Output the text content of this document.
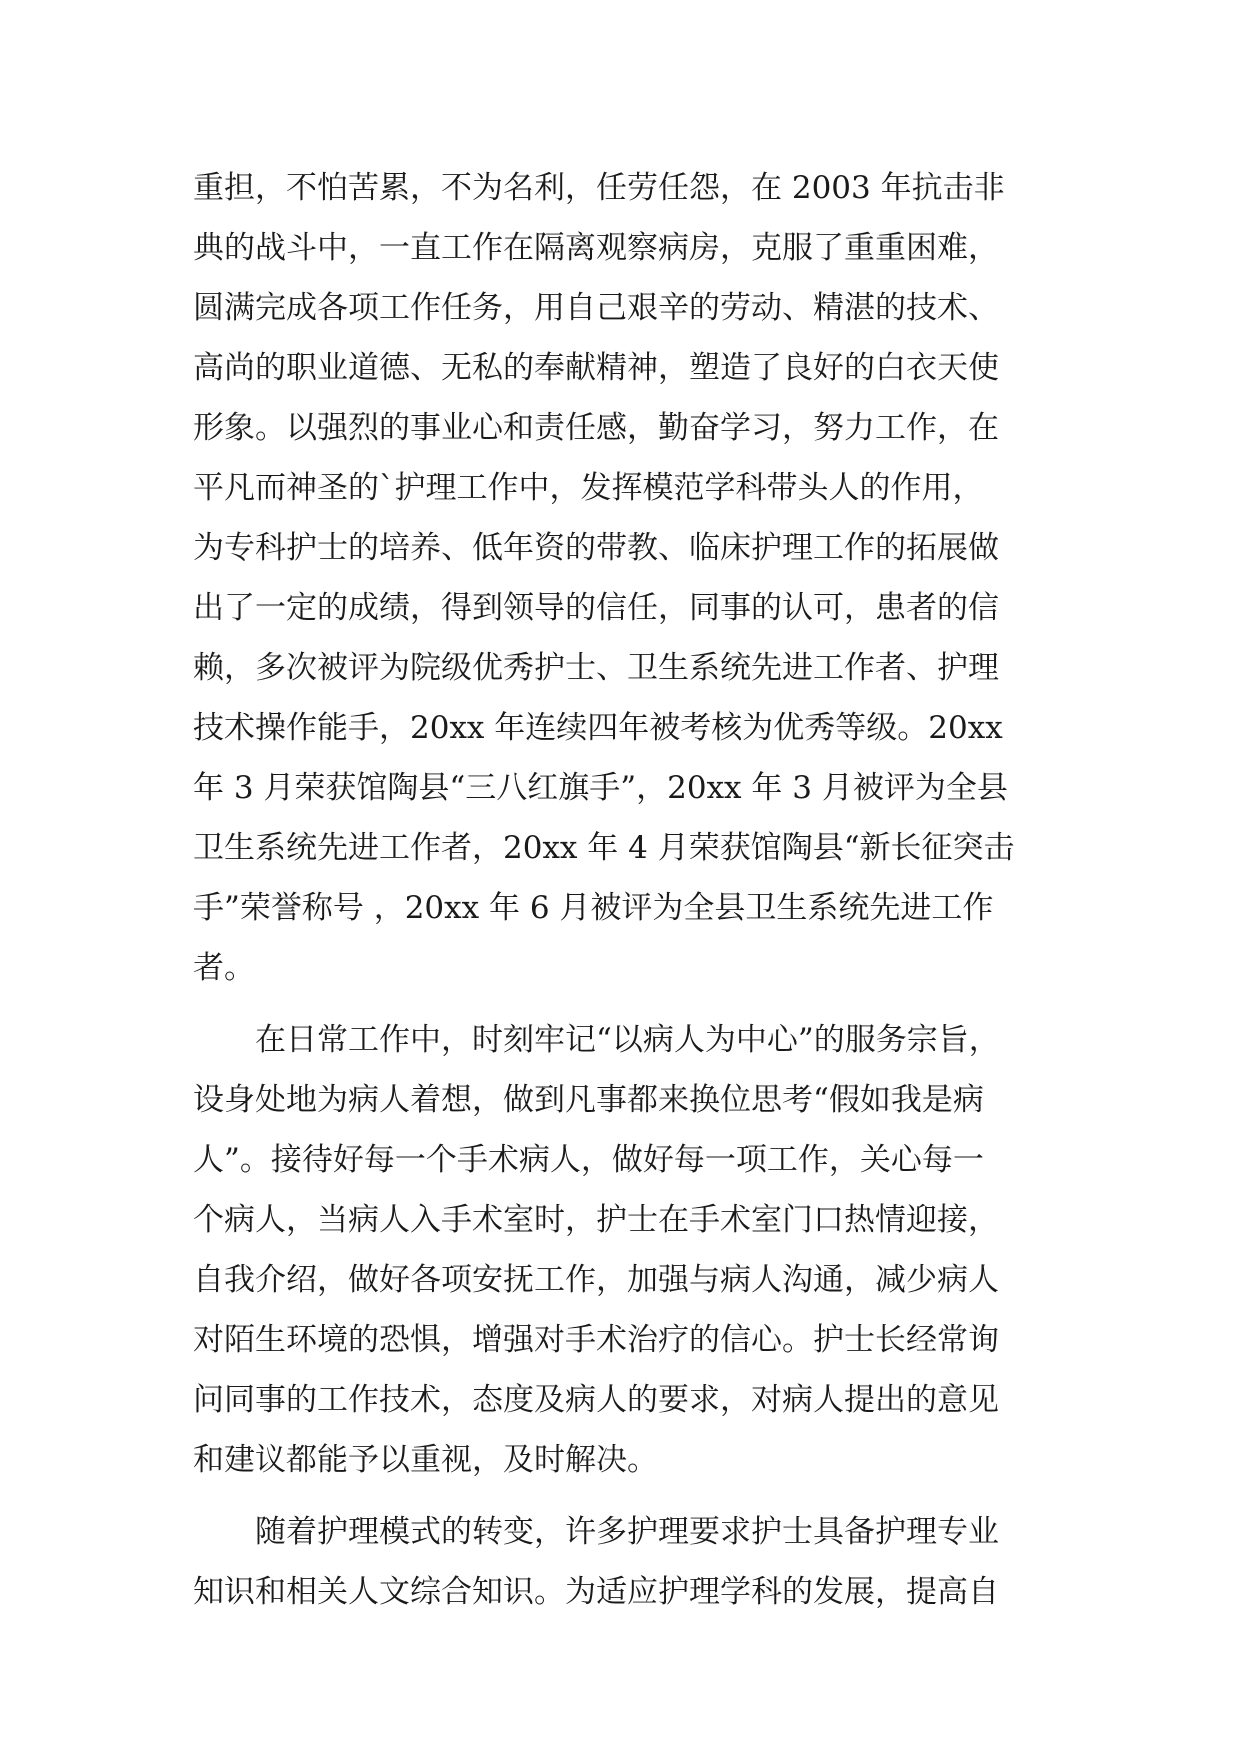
重担，不怕苦累，不为名利，任劳任怨，在 2003 年抗击非
典的战斗中，一直工作在隔离观察病房，克服了重重困难，
圆满完成各项工作任务，用自己艰辛的劳动、精湛的技术、
高尚的职业道德、无私的奉献精神，塑造了良好的白衣天使
形象。以强烈的事业心和责任感，勤奋学习，努力工作，在
平凡而神圣的`护理工作中，发挥模范学科带头人的作用，
为专科护士的培养、低年资的带教、临床护理工作的拓展做
出了一定的成绩，得到领导的信任，同事的认可，患者的信
赖，多次被评为院级优秀护士、卫生系统先进工作者、护理
技术操作能手，20xx 年连续四年被考核为优秀等级。20xx
年 3 月荣获馆陶县“三八红旗手”，20xx 年 3 月被评为全县
卫生系统先进工作者，20xx 年 4 月荣获馆陶县“新长征突击
手”荣誉称号 ，20xx 年 6 月被评为全县卫生系统先进工作
者。
　　在日常工作中，时刻牢记“以病人为中心”的服务宗旨，
设身处地为病人着想，做到凡事都来换位思考“假如我是病
人”。接待好每一个手术病人，做好每一项工作，关心每一
个病人，当病人入手术室时，护士在手术室门口热情迎接，
自我介绍，做好各项安抚工作，加强与病人沟通，减少病人
对陌生环境的恐惧，增强对手术治疗的信心。护士长经常询
问同事的工作技术，态度及病人的要求，对病人提出的意见
和建议都能予以重视，及时解决。
　　随着护理模式的转变，许多护理要求护士具备护理专业
知识和相关人文综合知识。为适应护理学科的发展，提高自
